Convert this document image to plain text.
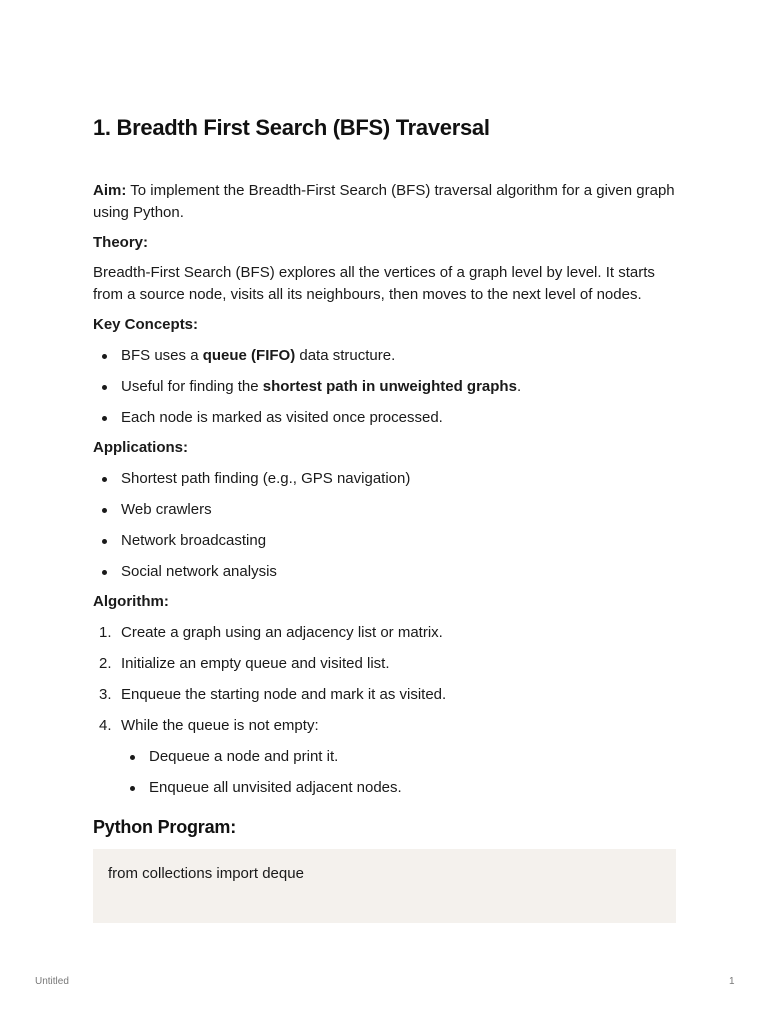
1. Breadth First Search (BFS) Traversal

Aim: To implement the Breadth-First Search (BFS) traversal algorithm for a given graph using Python.

Theory:

Breadth-First Search (BFS) explores all the vertices of a graph level by level. It starts from a source node, visits all its neighbours, then moves to the next level of nodes.

Key Concepts:
BFS uses a queue (FIFO) data structure.
Useful for finding the shortest path in unweighted graphs.
Each node is marked as visited once processed.
Applications:
Shortest path finding (e.g., GPS navigation)
Web crawlers
Network broadcasting
Social network analysis
Algorithm:
1. Create a graph using an adjacency list or matrix.
2. Initialize an empty queue and visited list.
3. Enqueue the starting node and mark it as visited.
4. While the queue is not empty:
Dequeue a node and print it.
Enqueue all unvisited adjacent nodes.
Python Program:
from collections import deque
Untitled	1
